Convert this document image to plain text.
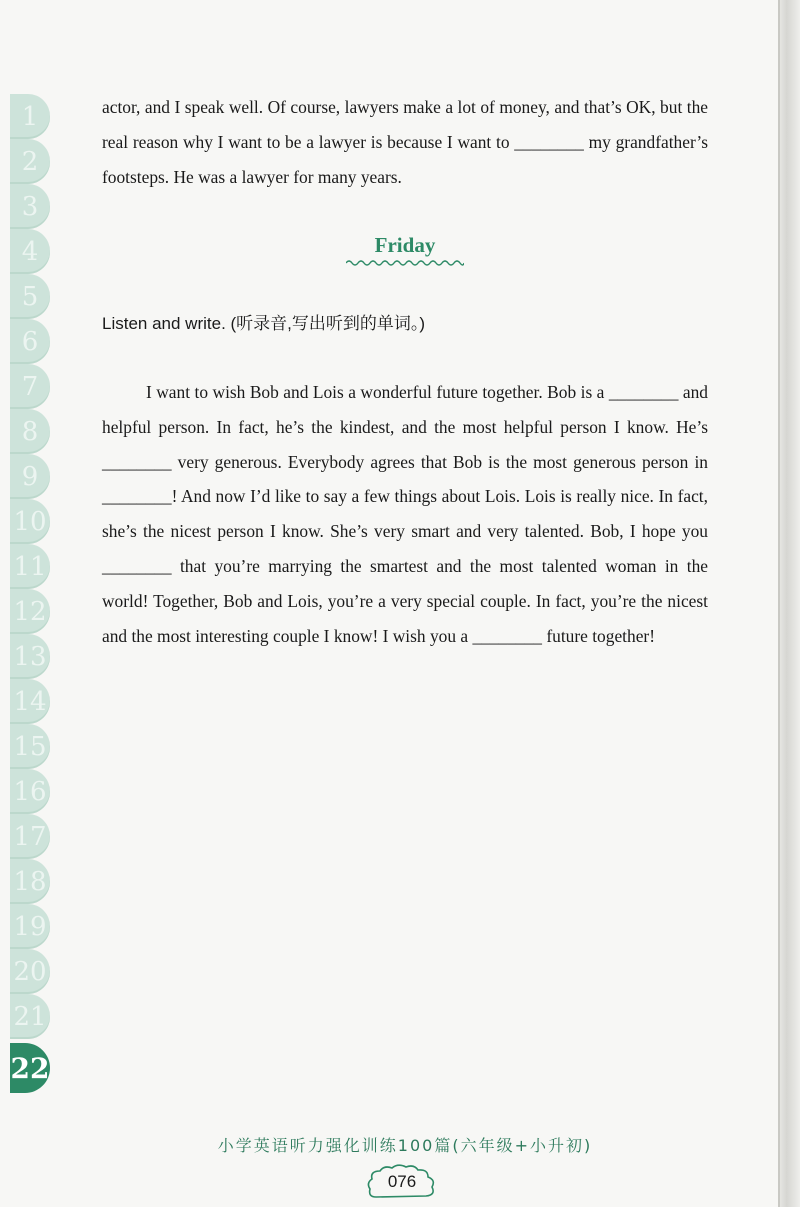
1
2
3
4
5
6
7
8
9
10
11
12
13
14
15
16
17
18
19
20
21
22

actor, and I speak well. Of course, lawyers make a lot of money, and that’s OK, but the real reason why I want to be a lawyer is because I want to ________ my grandfather’s footsteps. He was a lawyer for many years.

Friday

Listen and write. (听录音,写出听到的单词。)

I want to wish Bob and Lois a wonderful future together. Bob is a ________ and helpful person. In fact, he’s the kindest, and the most helpful person I know. He’s ________ very generous. Everybody agrees that Bob is the most generous person in ________! And now I’d like to say a few things about Lois. Lois is really nice. In fact, she’s the nicest person I know. She’s very smart and very talented. Bob, I hope you ________ that you’re marrying the smartest and the most talented woman in the world! Together, Bob and Lois, you’re a very special couple. In fact, you’re the nicest and the most interesting couple I know! I wish you a ________ future together!

小学英语听力强化训练100篇(六年级+小升初)
076
